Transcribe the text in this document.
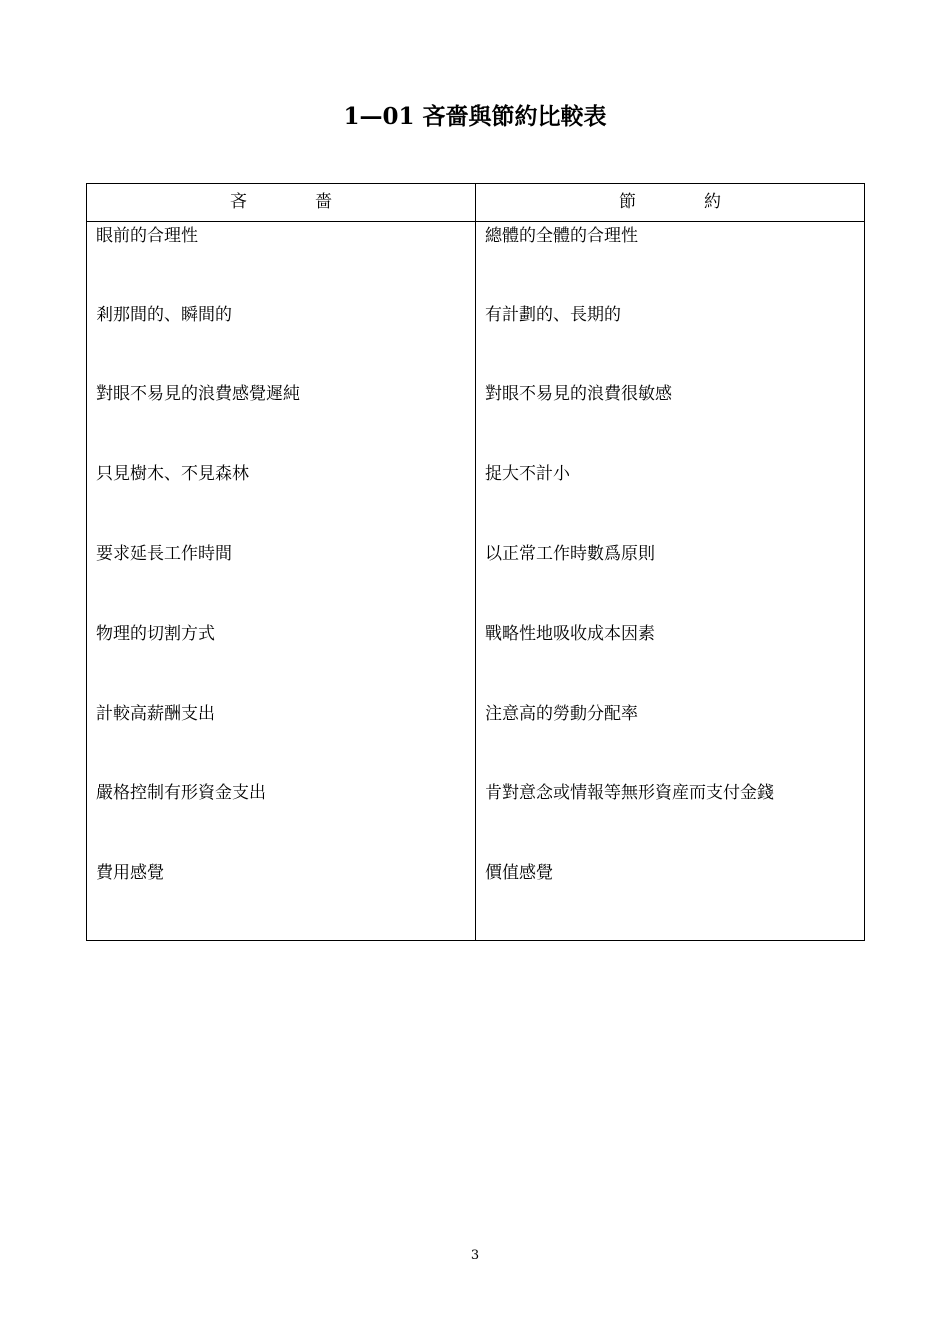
1—01 吝嗇與節約比較表
吝　　　　嗇	節　　　　約
眼前的合理性	總體的全體的合理性
剎那間的、瞬間的	有計劃的、長期的
對眼不易見的浪費感覺遲純	對眼不易見的浪費很敏感
只見樹木、不見森林	捉大不計小
要求延長工作時間	以正常工作時數爲原則
物理的切割方式	戰略性地吸收成本因素
計較高薪酬支出	注意高的勞動分配率
嚴格控制有形資金支出	肯對意念或情報等無形資産而支付金錢
費用感覺	價值感覺
3
